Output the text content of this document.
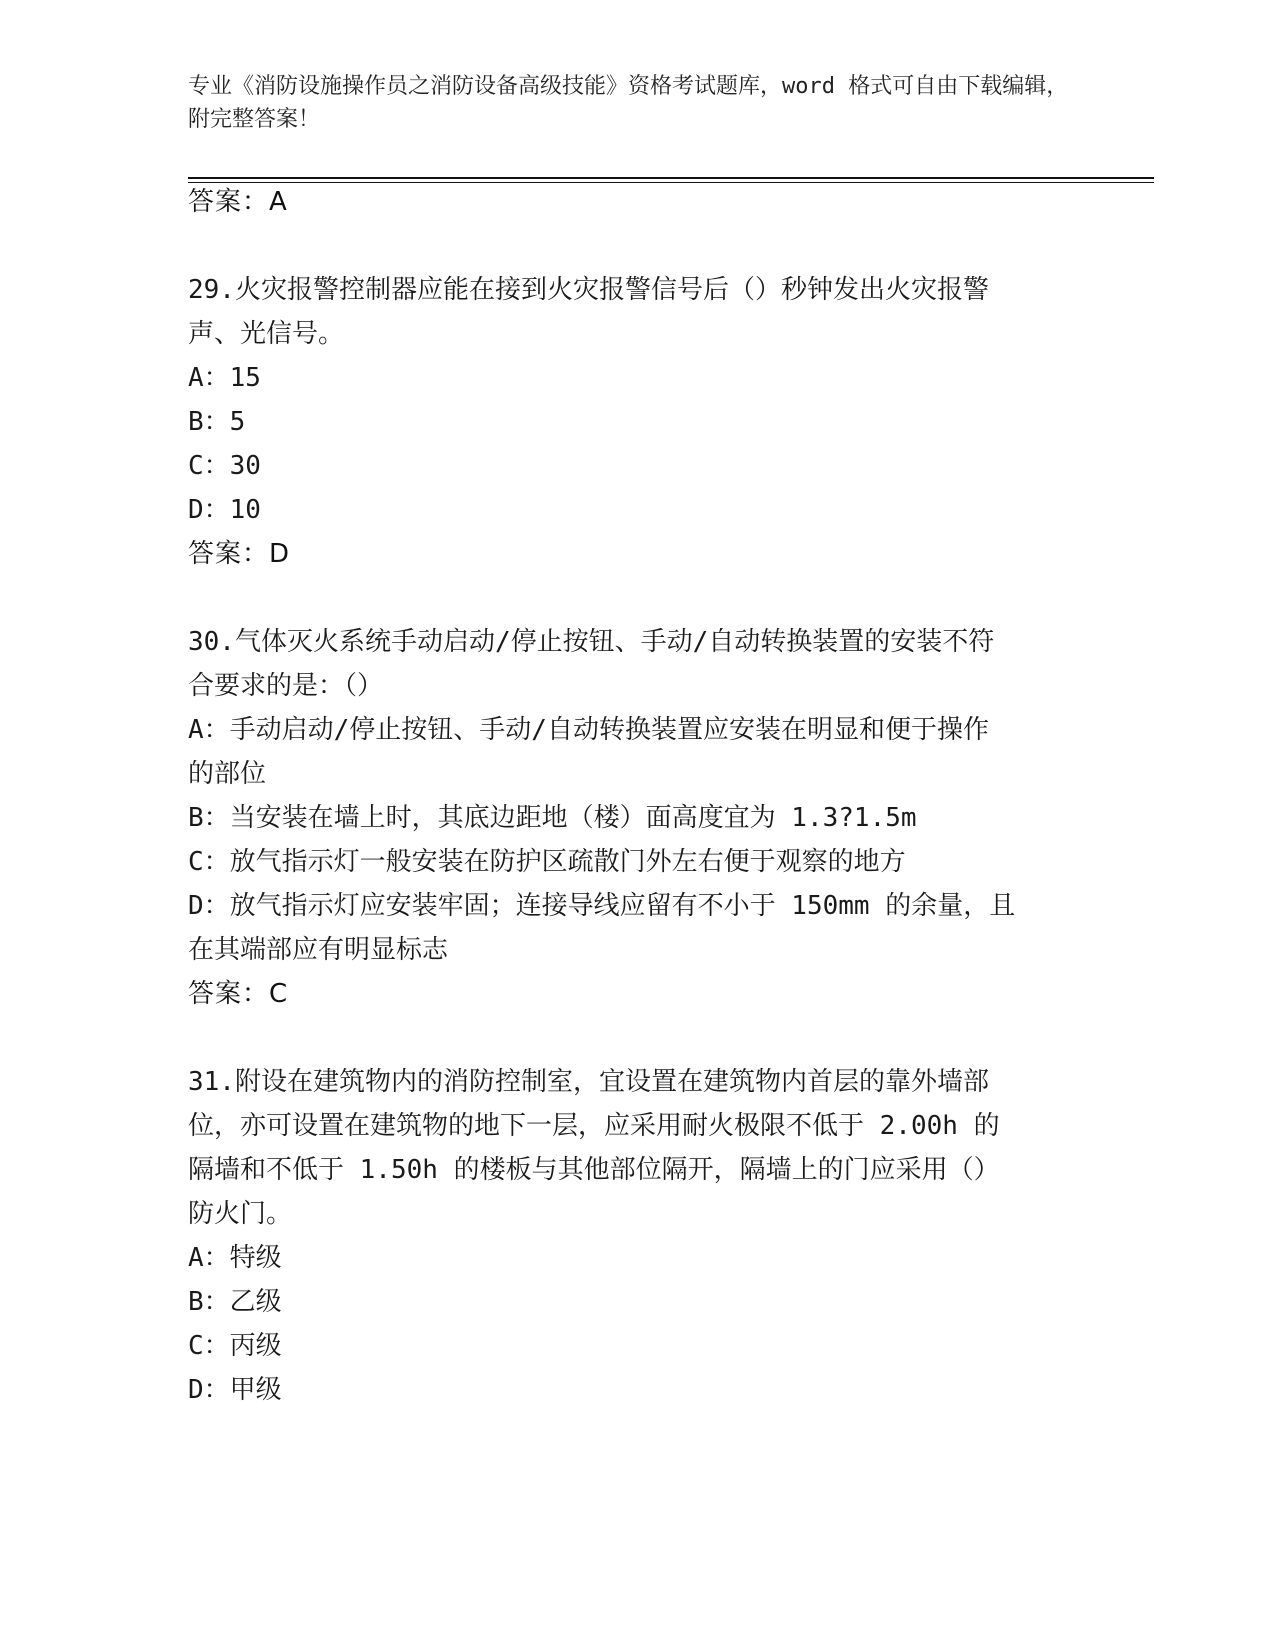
专业《消防设施操作员之消防设备高级技能》资格考试题库，word 格式可自由下载编辑，附完整答案！
答案：A
29.火灾报警控制器应能在接到火灾报警信号后（）秒钟发出火灾报警
声、光信号。
A：15
B：5
C：30
D：10
答案：D
30.气体灭火系统手动启动/停止按钮、手动/自动转换装置的安装不符
合要求的是：（）
A：手动启动/停止按钮、手动/自动转换装置应安装在明显和便于操作
的部位
B：当安装在墙上时，其底边距地（楼）面高度宜为 1.3?1.5m
C：放气指示灯一般安装在防护区疏散门外左右便于观察的地方
D：放气指示灯应安装牢固；连接导线应留有不小于 150mm 的余量，且
在其端部应有明显标志
答案：C
31.附设在建筑物内的消防控制室，宜设置在建筑物内首层的靠外墙部
位，亦可设置在建筑物的地下一层，应采用耐火极限不低于 2.00h 的
隔墙和不低于 1.50h 的楼板与其他部位隔开，隔墙上的门应采用（）
防火门。
A：特级
B：乙级
C：丙级
D：甲级
